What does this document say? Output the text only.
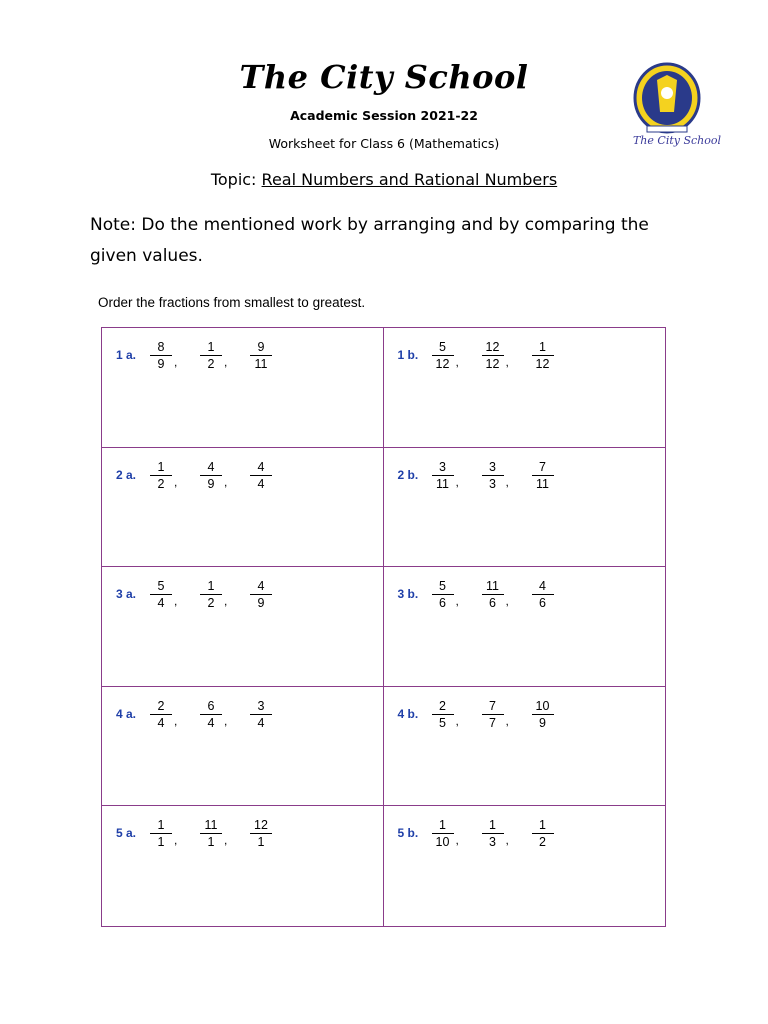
The City School
Academic Session 2021-22
Worksheet for Class 6 (Mathematics)
Topic: Real Numbers and Rational Numbers
Note: Do the mentioned work by arranging and by comparing the given values.
The City School
Order the fractions from smallest to greatest.
1 a. $\frac{8}{9}$ , $\frac{1}{2}$ , $\frac{9}{11}$	1 b. $\frac{5}{12}$ , $\frac{12}{12}$ , $\frac{1}{12}$
2 a. $\frac{1}{2}$ , $\frac{4}{9}$ , $\frac{4}{4}$	2 b. $\frac{3}{11}$ , $\frac{3}{3}$ , $\frac{7}{11}$
3 a. $\frac{5}{4}$ , $\frac{1}{2}$ , $\frac{4}{9}$	3 b. $\frac{5}{6}$ , $\frac{11}{6}$ , $\frac{4}{6}$
4 a. $\frac{2}{4}$ , $\frac{6}{4}$ , $\frac{3}{4}$	4 b. $\frac{2}{5}$ , $\frac{7}{7}$ , $\frac{10}{9}$
5 a. $\frac{1}{1}$ , $\frac{11}{1}$ , $\frac{12}{1}$	5 b. $\frac{1}{10}$ , $\frac{1}{3}$ , $\frac{1}{2}$
